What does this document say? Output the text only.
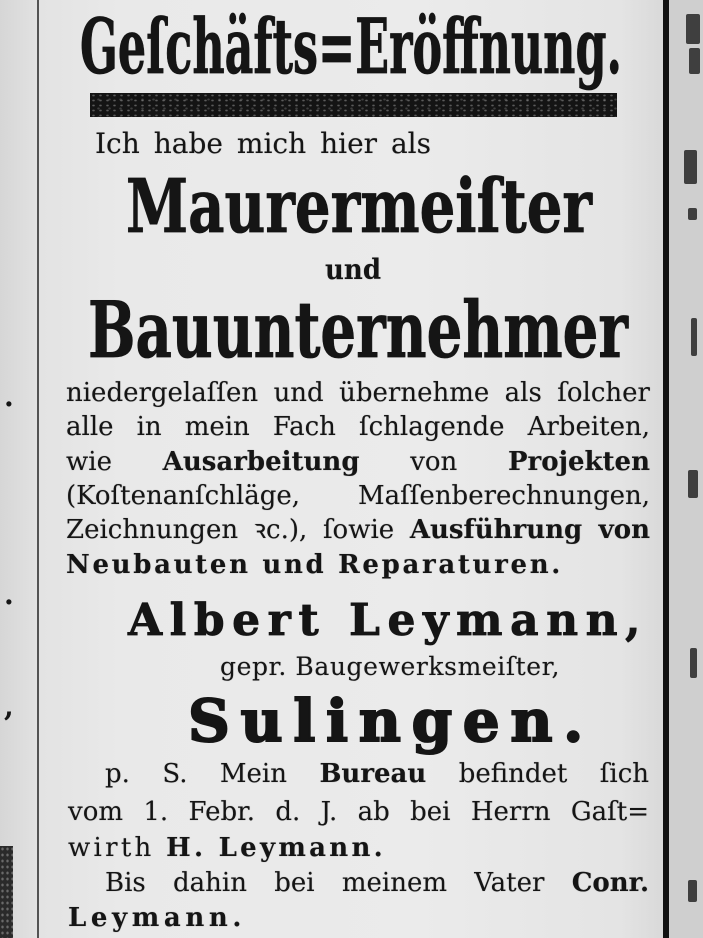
.
.
,
Geſchäfts=Eröffnung.
Ich habe mich hier als
Maurermeiſter
und
Bauunternehmer
niedergelaſſen und übernehme als ſolcher
alle in mein Fach ſchlagende Arbeiten,
wie Ausarbeitung von Projekten
(Koſtenanſchläge, Maſſenberechnungen,
Zeichnungen ꝛc.), ſowie Ausführung von
Neubauten und Reparaturen.
Albert Leymann,
gepr. Baugewerksmeiſter,
Sulingen.
p. S. Mein Bureau befindet ſich
vom 1. Febr. d. J. ab bei Herrn Gaſt=
wirth H. Leymann.
Bis dahin bei meinem Vater Conr.
Leymann.
